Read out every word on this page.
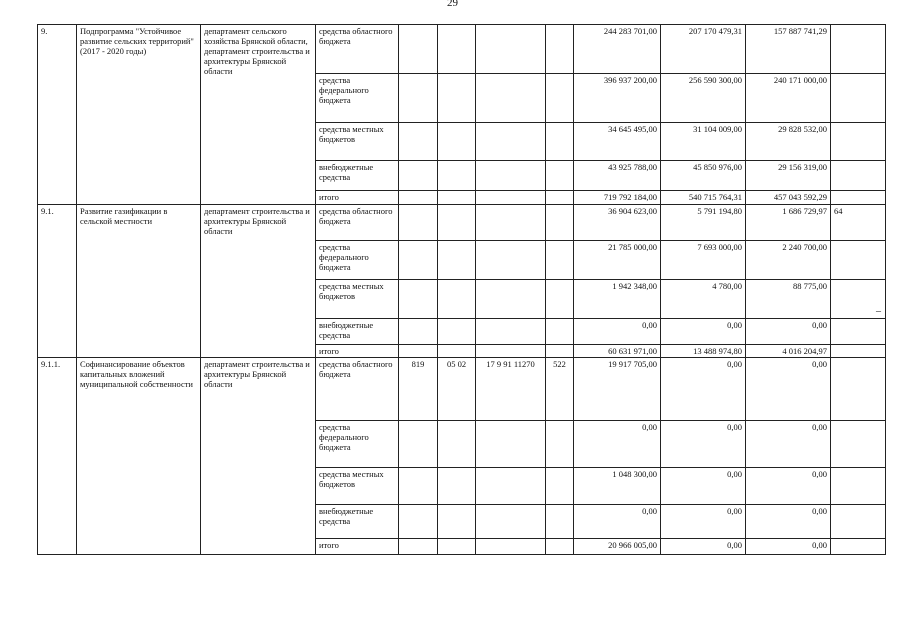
29
9.	Подпрограмма "Устойчивое развитие сельских территорий" (2017 - 2020 годы)	департамент сельского хозяйства Брянской области, департамент строительства и архитектуры Брянской области	средства областного бюджета					244 283 701,00	207 170 479,31	157 887 741,29	
			средства федерального бюджета					396 937 200,00	256 590 300,00	240 171 000,00	
			средства местных бюджетов					34 645 495,00	31 104 009,00	29 828 532,00	
			внебюджетные средства					43 925 788,00	45 850 976,00	29 156 319,00	
			итого					719 792 184,00	540 715 764,31	457 043 592,29	
9.1.	Развитие газификации в сельской местности	департамент строительства и архитектуры Брянской области	средства областного бюджета					36 904 623,00	5 791 194,80	1 686 729,97	64
			средства федерального бюджета					21 785 000,00	7 693 000,00	2 240 700,00	
			средства местных бюджетов					1 942 348,00	4 780,00	88 775,00	
			внебюджетные средства					0,00	0,00	0,00	
			итого					60 631 971,00	13 488 974,80	4 016 204,97	
9.1.1.	Софинансирование объектов капитальных вложений муниципальной собственности	департамент строительства и архитектуры Брянской области	средства областного бюджета	819	05 02	17 9 91 11270	522	19 917 705,00	0,00	0,00	
			средства федерального бюджета					0,00	0,00	0,00	
			средства местных бюджетов					1 048 300,00	0,00	0,00	
			внебюджетные средства					0,00	0,00	0,00	
			итого					20 966 005,00	0,00	0,00	
–
